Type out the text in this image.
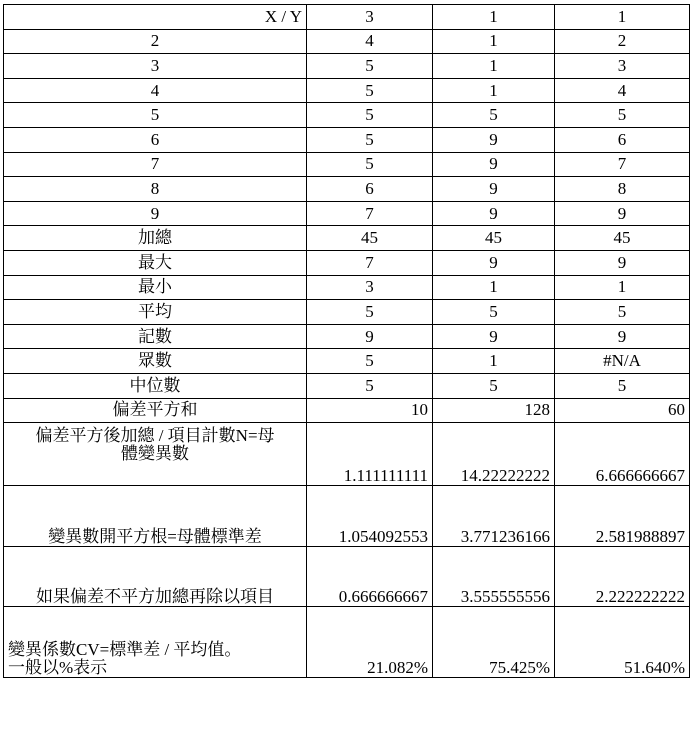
X / Y	3	1	1
2	4	1	2
3	5	1	3
4	5	1	4
5	5	5	5
6	5	9	6
7	5	9	7
8	6	9	8
9	7	9	9
加總	45	45	45
最大	7	9	9
最小	3	1	1
平均	5	5	5
記數	9	9	9
眾數	5	1	#N/A
中位數	5	5	5
偏差平方和	10	128	60

偏差平方後加總 / 項目計數N=母
體變異數	1.111111111	14.22222222	6.666666667
變異數開平方根=母體標準差	1.054092553	3.771236166	2.581988897
如果偏差不平方加總再除以項目	0.666666667	3.555555556	2.222222222

變異係數CV=標準差 / 平均值。
一般以%表示	21.082%	75.425%	51.640%
